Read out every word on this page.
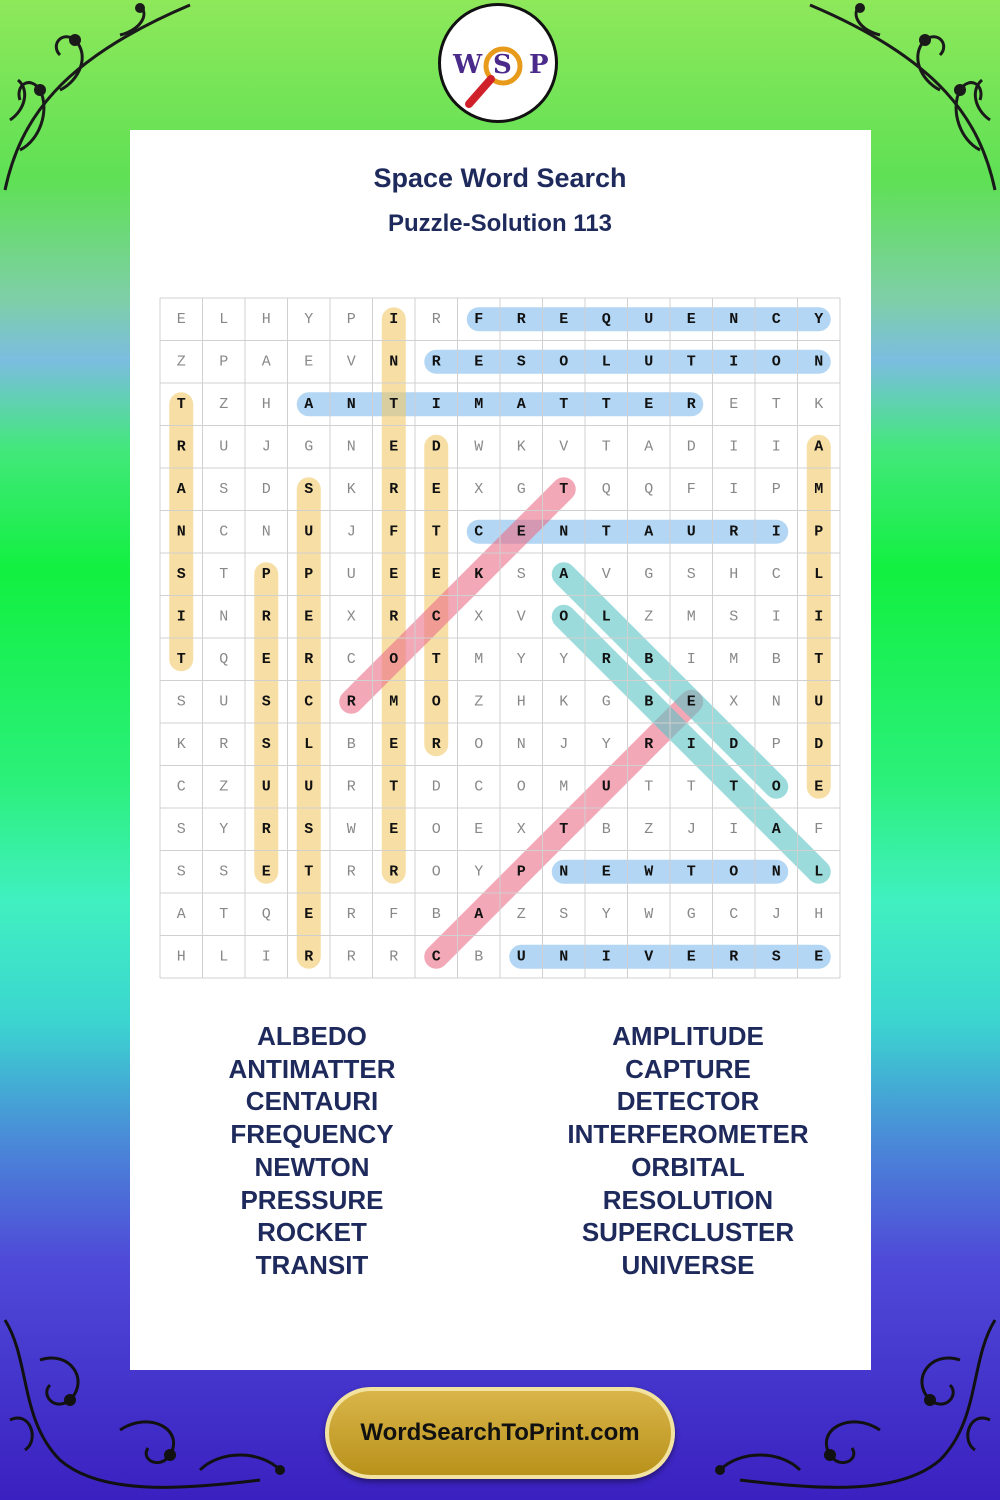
W S P
Space Word Search
Puzzle-Solution 113
E L H Y P I R F R E Q U E N C Y
Z P A E V N R E S O L U T I O N
T Z H A N T I M A T T E R E T K
R U J G N E D W K V T A D I I A
A S D S K R E X G T Q Q F I P M
N C N U J F T C E N T A U R I P
S T P P U E E K S A V G S H C L
I N R E X R C X V O L Z M S I I
T Q E R C O T M Y Y R B I M B T
S U S C R M O Z H K G B E X N U
K R S L B E R O N J Y R I D P D
C Z U U R T D C O M U T T T O E
S Y R S W E O E X T B Z J I A F
S S E T R R O Y P N E W T O N L
A T Q E R F B A Z S Y W G C J H
H L I R R R C B U N I V E R S E
ALBEDO
ANTIMATTER
CENTAURI
FREQUENCY
NEWTON
PRESSURE
ROCKET
TRANSIT
AMPLITUDE
CAPTURE
DETECTOR
INTERFEROMETER
ORBITAL
RESOLUTION
SUPERCLUSTER
UNIVERSE
WordSearchToPrint.com
